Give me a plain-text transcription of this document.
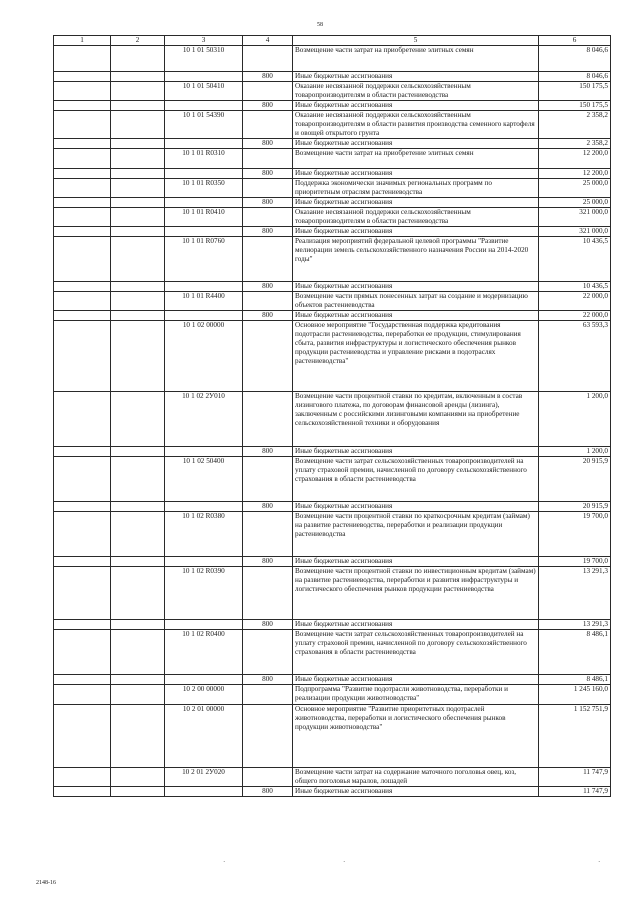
58
1	2	3	4	5	6
		10 1 01 50310		Возмещение части затрат на приобретение элитных семян	8 046,6
			800	Иные бюджетные ассигнования	8 046,6
		10 1 01 50410		Оказание несвязанной поддержки сельскохозяйственным товаропроизводителям в области растениеводства	150 175,5
			800	Иные бюджетные ассигнования	150 175,5
		10 1 01 54390		Оказание несвязанной поддержки сельскохозяйственным товаропроизводителям в области развития производства семенного картофеля и овощей открытого грунта	2 358,2
			800	Иные бюджетные ассигнования	2 358,2
		10 1 01 R0310		Возмещение части затрат на приобретение элитных семян	12 200,0
			800	Иные бюджетные ассигнования	12 200,0
		10 1 01 R0350		Поддержка экономически значимых региональных программ по приоритетным отраслям растениеводства	25 000,0
			800	Иные бюджетные ассигнования	25 000,0
		10 1 01 R0410		Оказание несвязанной поддержки сельскохозяйственным товаропроизводителям в области растениеводства	321 000,0
			800	Иные бюджетные ассигнования	321 000,0
		10 1 01 R0760		Реализация мероприятий федеральной целевой программы "Развитие мелиорации земель сельскохозяйственного назначения России на 2014-2020 годы"	10 436,5
			800	Иные бюджетные ассигнования	10 436,5
		10 1 01 R4400		Возмещение части прямых понесенных затрат на создание и модернизацию объектов растениеводства	22 000,0
			800	Иные бюджетные ассигнования	22 000,0
		10 1 02 00000		Основное мероприятие "Государственная поддержка кредитования подотрасли растениеводства, переработки ее продукции, стимулирования сбыта, развития инфраструктуры и логистического обеспечения рынков продукции растениеводства и управление рисками в подотраслях растениеводства"	63 593,3
		10 1 02 2У010		Возмещение части процентной ставки по кредитам, включенным в состав лизингового платежа, по договорам финансовой аренды (лизинга), заключенным с российскими лизинговыми компаниями на приобретение сельскохозяйственной техники и оборудования	1 200,0
			800	Иные бюджетные ассигнования	1 200,0
		10 1 02 50400		Возмещение части затрат сельскохозяйственных товаропроизводителей на уплату страховой премии, начисленной по договору сельскохозяйственного страхования в области растениеводства	20 915,9
			800	Иные бюджетные ассигнования	20 915,9
		10 1 02 R0380		Возмещение части процентной ставки по краткосрочным кредитам (займам) на развитие растениеводства, переработки и реализации продукции растениеводства	19 700,0
			800	Иные бюджетные ассигнования	19 700,0
		10 1 02 R0390		Возмещение части процентной ставки по инвестиционным кредитам (займам) на развитие растениеводства, переработки и развития инфраструктуры и логистического обеспечения рынков продукции растениеводства	13 291,3
			800	Иные бюджетные ассигнования	13 291,3
		10 1 02 R0400		Возмещение части затрат сельскохозяйственных товаропроизводителей на уплату страховой премии, начисленной по договору сельскохозяйственного страхования в области растениеводства	8 486,1
			800	Иные бюджетные ассигнования	8 486,1
		10 2 00 00000		Подпрограмма "Развитие подотрасли животноводства, переработки и реализации продукции животноводства"	1 245 160,0
		10 2 01 00000		Основное мероприятие "Развитие приоритетных подотраслей животноводства, переработки и логистического обеспечения рынков продукции животноводства"	1 152 751,9
		10 2 01 2У020		Возмещение части затрат на содержание маточного поголовья овец, коз, общего поголовья маралов, лошадей	11 747,9
			800	Иные бюджетные ассигнования	11 747,9
·	·	·
2148-16
